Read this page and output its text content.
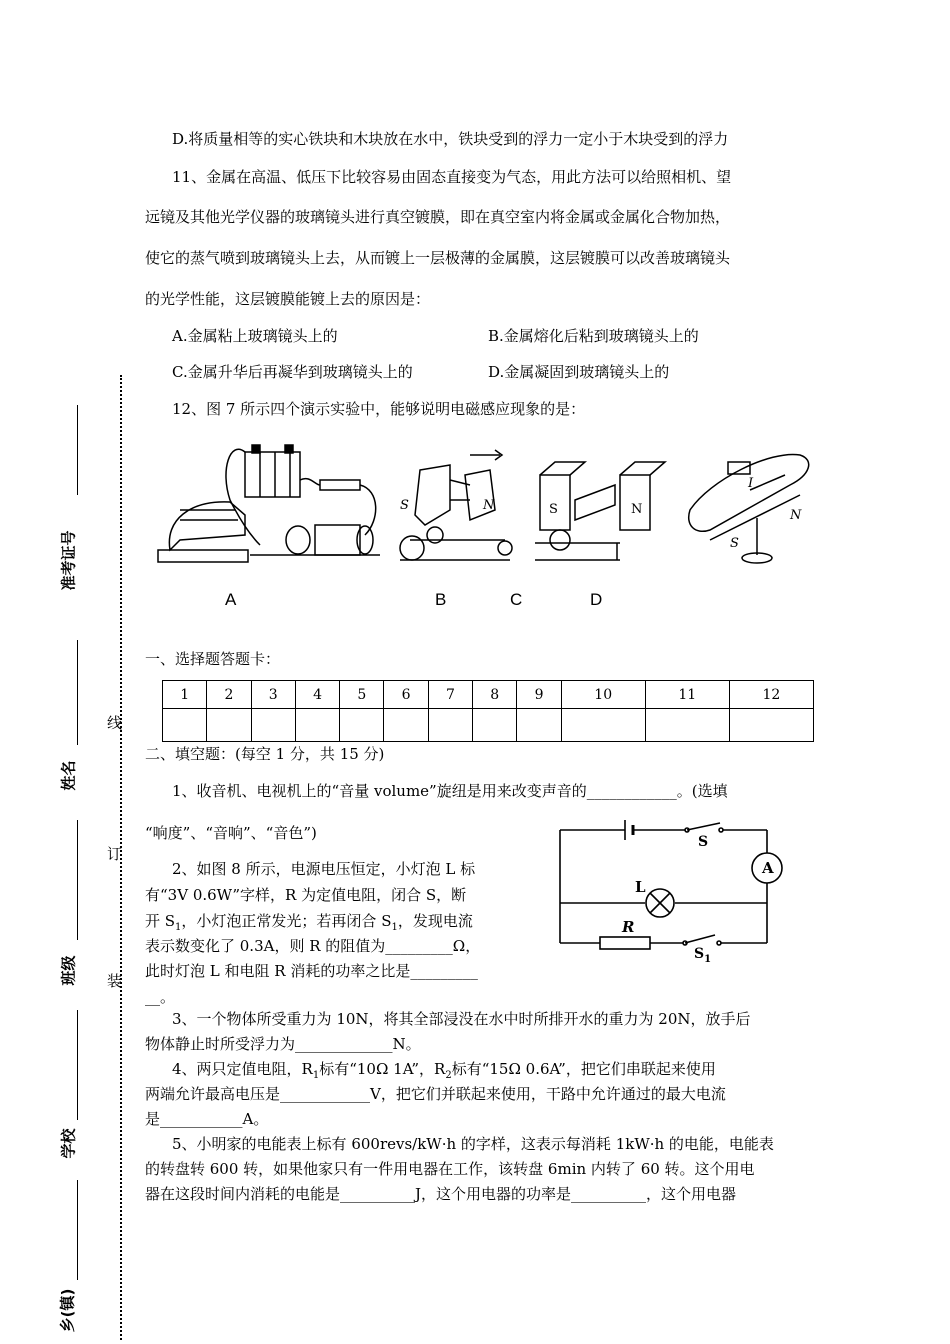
准考证号
姓名
班级
学校
乡(镇)
线
订
装
D.将质量相等的实心铁块和木块放在水中，铁块受到的浮力一定小于木块受到的浮力
11、金属在高温、低压下比较容易由固态直接变为气态，用此方法可以给照相机、望
远镜及其他光学仪器的玻璃镜头进行真空镀膜，即在真空室内将金属或金属化合物加热，
使它的蒸气喷到玻璃镜头上去，从而镀上一层极薄的金属膜，这层镀膜可以改善玻璃镜头
的光学性能，这层镀膜能镀上去的原因是：
A.金属粘上玻璃镜头上的	B.金属熔化后粘到玻璃镜头上的
C.金属升华后再凝华到玻璃镜头上的	D.金属凝固到玻璃镜头上的
12、图 7 所示四个演示实验中，能够说明电磁感应现象的是：
S	N	S	N	N
S
I
A	B	C	D
一、选择题答题卡：
1	2	3	4	5	6	7	8	9	10	11	12

二、填空题：(每空 1 分，共 15 分)
1、收音机、电视机上的“音量 volume”旋纽是用来改变声音的____________。(选填
“响度”、“音响”、“音色”)
2、如图 8 所示，电源电压恒定，小灯泡 L 标
有“3V 0.6W”字样，R 为定值电阻，闭合 S，断
开 $S_1$，小灯泡正常发光；若再闭合 $S_1$，发现电流
表示数变化了 0.3A，则 R 的阻值为_________Ω，
此时灯泡 L 和电阻 R 消耗的功率之比是_________
__。
S
A
L
R
$S_1$
3、一个物体所受重力为 10N，将其全部浸没在水中时所排开水的重力为 20N，放手后
物体静止时所受浮力为_____________N。
4、两只定值电阻，$R_1$标有“10Ω 1A”，$R_2$标有“15Ω 0.6A”，把它们串联起来使用
两端允许最高电压是____________V，把它们并联起来使用，干路中允许通过的最大电流
是___________A。
5、小明家的电能表上标有 600revs/kW·h 的字样，这表示每消耗 1kW·h 的电能，电能表
的转盘转 600 转，如果他家只有一件用电器在工作，该转盘 6min 内转了 60 转。这个用电
器在这段时间内消耗的电能是__________J，这个用电器的功率是__________，这个用电器
